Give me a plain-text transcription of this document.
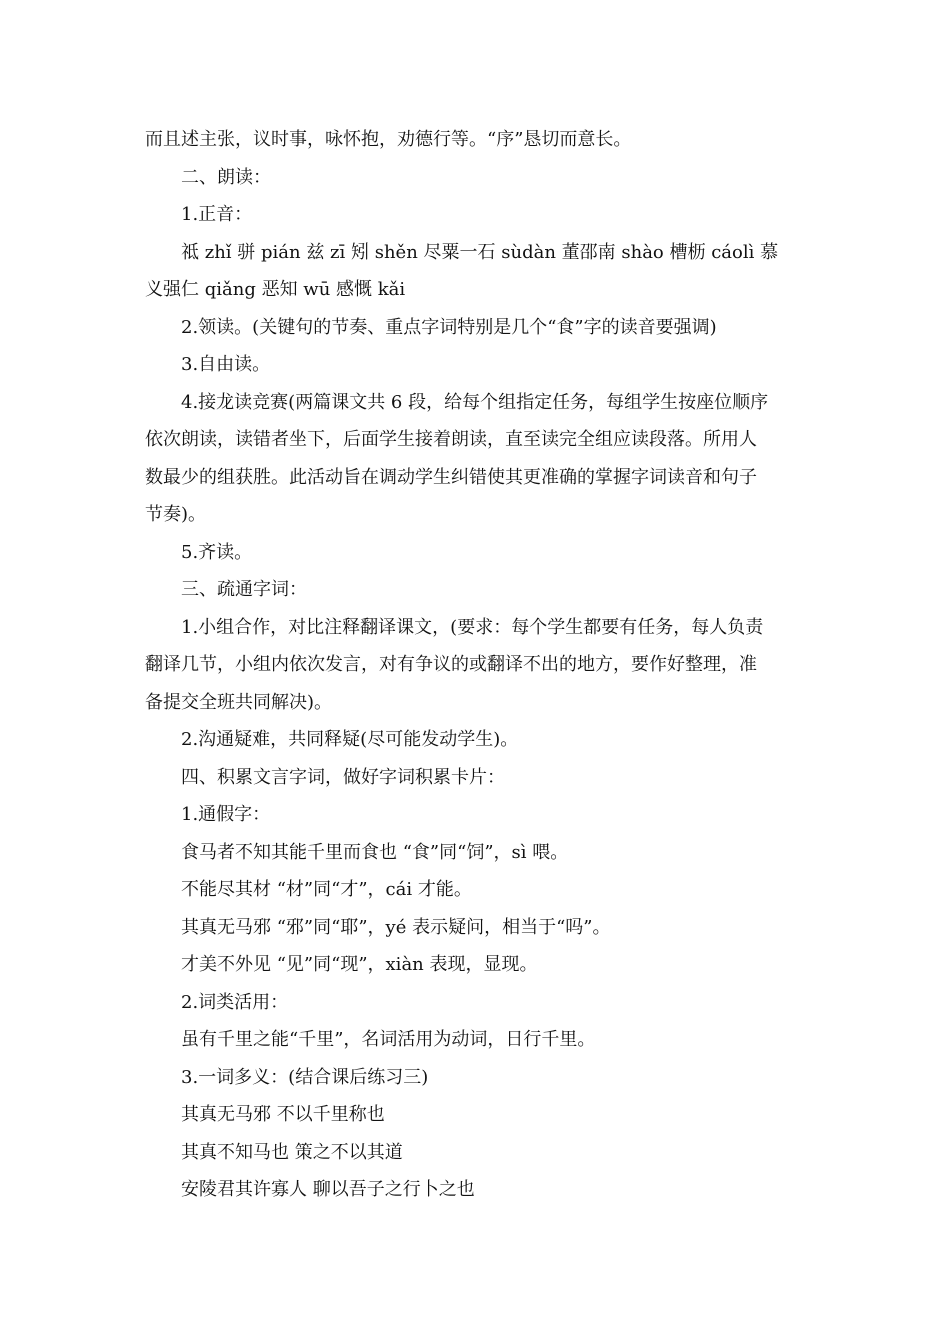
而且述主张，议时事，咏怀抱，劝德行等。“序”恳切而意长。

二、朗读：

1.正音：

祗 zhǐ 骈 pián 兹 zī 矧 shěn 尽粟一石 sùdàn 董邵南 shào 槽枥 cáolì 慕

义强仁 qiǎng 恶知 wū 感慨 kǎi

2.领读。(关键句的节奏、重点字词特别是几个“食”字的读音要强调)

3.自由读。

4.接龙读竞赛(两篇课文共 6 段，给每个组指定任务，每组学生按座位顺序

依次朗读，读错者坐下，后面学生接着朗读，直至读完全组应读段落。所用人

数最少的组获胜。此活动旨在调动学生纠错使其更准确的掌握字词读音和句子

节奏)。

5.齐读。

三、疏通字词：

1.小组合作，对比注释翻译课文，(要求：每个学生都要有任务，每人负责

翻译几节，小组内依次发言，对有争议的或翻译不出的地方，要作好整理，准

备提交全班共同解决)。

2.沟通疑难，共同释疑(尽可能发动学生)。

四、积累文言字词，做好字词积累卡片：

1.通假字：

食马者不知其能千里而食也 “食”同“饲”，sì 喂。

不能尽其材 “材”同“才”，cái 才能。

其真无马邪 “邪”同“耶”，yé 表示疑问，相当于“吗”。

才美不外见 “见”同“现”，xiàn 表现，显现。

2.词类活用：

虽有千里之能“千里”，名词活用为动词，日行千里。

3.一词多义：(结合课后练习三)

其真无马邪 不以千里称也

其真不知马也 策之不以其道

安陵君其许寡人 聊以吾子之行卜之也
